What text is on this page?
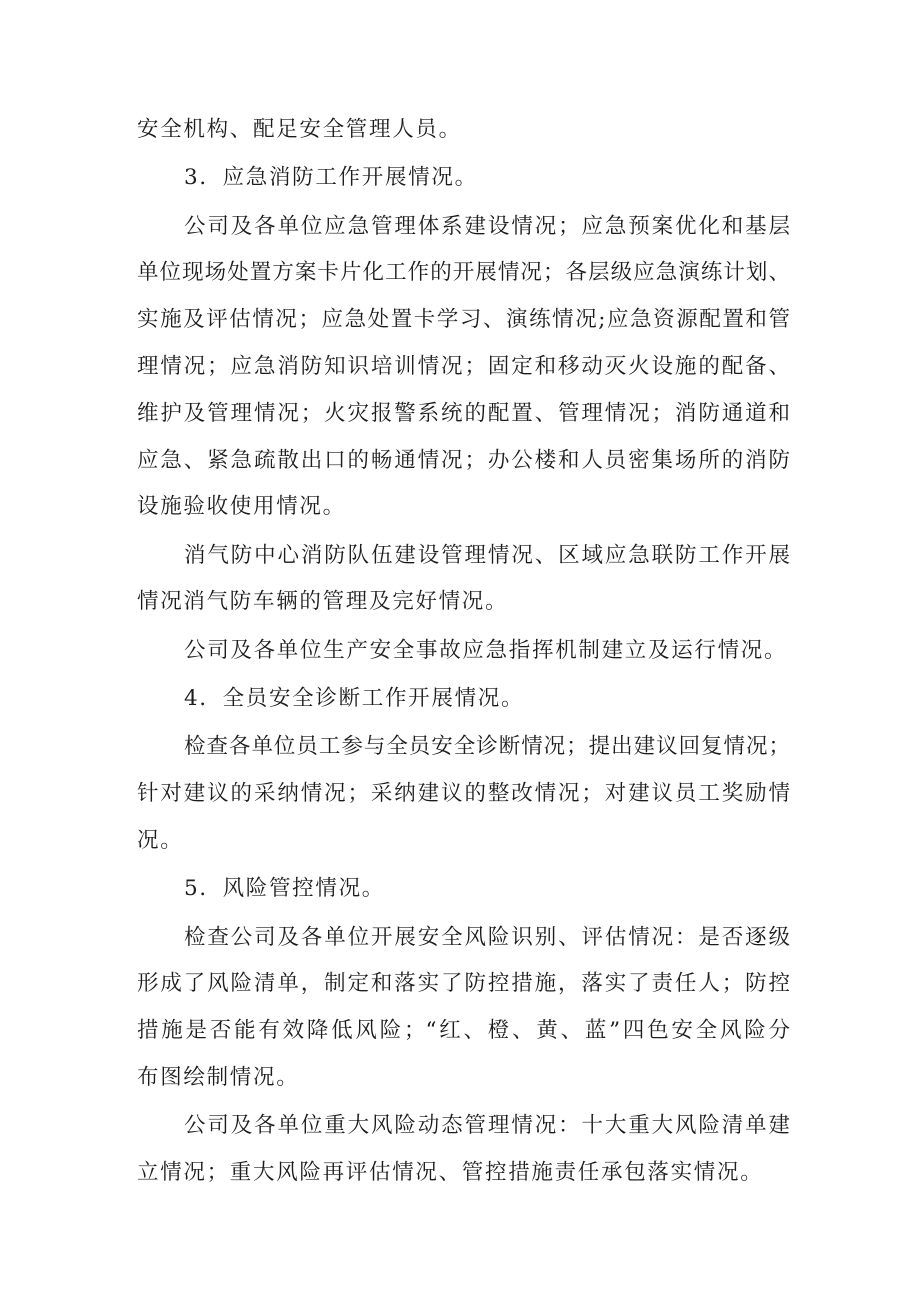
安全机构、配足安全管理人员。
3．应急消防工作开展情况。
公司及各单位应急管理体系建设情况；应急预案优化和基层
单位现场处置方案卡片化工作的开展情况；各层级应急演练计划、
实施及评估情况；应急处置卡学习、演练情况;应急资源配置和管
理情况；应急消防知识培训情况；固定和移动灭火设施的配备、
维护及管理情况；火灾报警系统的配置、管理情况；消防通道和
应急、紧急疏散出口的畅通情况；办公楼和人员密集场所的消防
设施验收使用情况。
消气防中心消防队伍建设管理情况、区域应急联防工作开展
情况消气防车辆的管理及完好情况。
公司及各单位生产安全事故应急指挥机制建立及运行情况。
4．全员安全诊断工作开展情况。
检查各单位员工参与全员安全诊断情况；提出建议回复情况；
针对建议的采纳情况；采纳建议的整改情况；对建议员工奖励情
况。
5．风险管控情况。
检查公司及各单位开展安全风险识别、评估情况：是否逐级
形成了风险清单，制定和落实了防控措施，落实了责任人；防控
措施是否能有效降低风险；“红、橙、黄、蓝”四色安全风险分
布图绘制情况。
公司及各单位重大风险动态管理情况：十大重大风险清单建
立情况；重大风险再评估情况、管控措施责任承包落实情况。
